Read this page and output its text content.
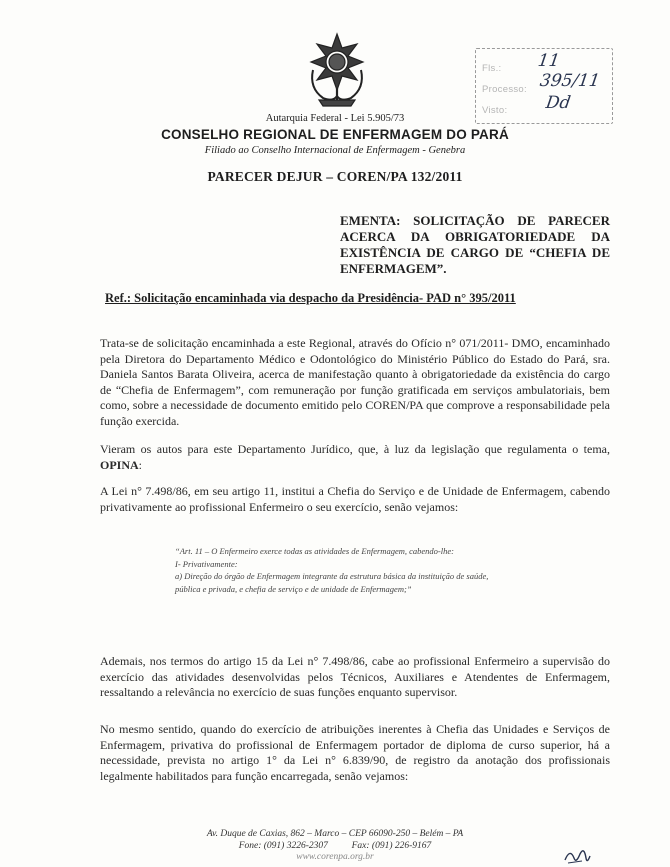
Fls.: 11
Processo: 395/11
Visto: Dd
Autarquia Federal - Lei 5.905/73
CONSELHO REGIONAL DE ENFERMAGEM DO PARÁ
Filiado ao Conselho Internacional de Enfermagem - Genebra
PARECER DEJUR – COREN/PA 132/2011
EMENTA: SOLICITAÇÃO DE PARECER ACERCA DA OBRIGATORIEDADE DA EXISTÊNCIA DE CARGO DE “CHEFIA DE ENFERMAGEM”.
Ref.: Solicitação encaminhada via despacho da Presidência- PAD n° 395/2011
Trata-se de solicitação encaminhada a este Regional, através do Ofício n° 071/2011- DMO, encaminhado pela Diretora do Departamento Médico e Odontológico do Ministério Público do Estado do Pará, sra. Daniela Santos Barata Oliveira, acerca de manifestação quanto à obrigatoriedade da existência do cargo de “Chefia de Enfermagem”, com remuneração por função gratificada em serviços ambulatoriais, bem como, sobre a necessidade de documento emitido pelo COREN/PA que comprove a responsabilidade pela função exercida.
Vieram os autos para este Departamento Jurídico, que, à luz da legislação que regulamenta o tema, OPINA:
A Lei n° 7.498/86, em seu artigo 11, institui a Chefia do Serviço e de Unidade de Enfermagem, cabendo privativamente ao profissional Enfermeiro o seu exercício, senão vejamos:
“Art. 11 – O Enfermeiro exerce todas as atividades de Enfermagem, cabendo-lhe:
I- Privativamente:
a) Direção do órgão de Enfermagem integrante da estrutura básica da instituição de saúde,
pública e privada, e chefia de serviço e de unidade de Enfermagem;”
Ademais, nos termos do artigo 15 da Lei n° 7.498/86, cabe ao profissional Enfermeiro a supervisão do exercício das atividades desenvolvidas pelos Técnicos, Auxiliares e Atendentes de Enfermagem, ressaltando a relevância no exercício de suas funções enquanto supervisor.
No mesmo sentido, quando do exercício de atribuições inerentes à Chefia das Unidades e Serviços de Enfermagem, privativa do profissional de Enfermagem portador de diploma de curso superior, há a necessidade, prevista no artigo 1° da Lei n° 6.839/90, de registro da anotação dos profissionais legalmente habilitados para função encarregada, senão vejamos:
Av. Duque de Caxias, 862 – Marco – CEP 66090-250 – Belém – PA
Fone: (091) 3226-2307          Fax: (091) 226-9167
www.corenpa.org.br
